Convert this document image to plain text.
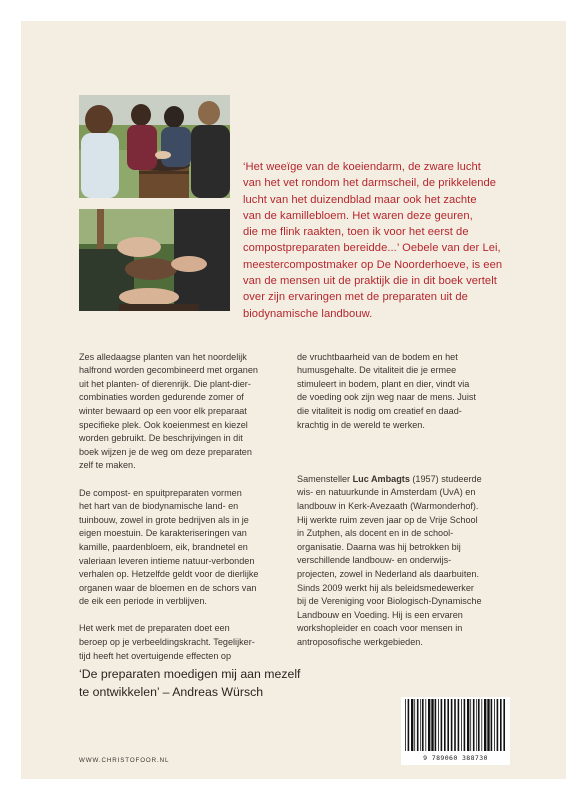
‘Het weeïge van de koeiendarm, de zware lucht
van het vet rondom het darmscheil, de prikkelende
lucht van het duizendblad maar ook het zachte
van de kamillebloem. Het waren deze geuren,
die me flink raakten, toen ik voor het eerst de
compostpreparaten bereidde...’ Oebele van der Lei,
meestercompostmaker op De Noorderhoeve, is een
van de mensen uit de praktijk die in dit boek vertelt
over zijn ervaringen met de preparaten uit de
biodynamische landbouw.

Zes alledaagse planten van het noordelijk
halfrond worden gecombineerd met organen
uit het planten- of dierenrijk. Die plant-dier-
combinaties worden gedurende zomer of
winter bewaard op een voor elk preparaat
specifieke plek. Ook koeienmest en kiezel
worden gebruikt. De beschrijvingen in dit
boek wijzen je de weg om deze preparaten
zelf te maken.

De compost- en spuitpreparaten vormen
het hart van de biodynamische land- en
tuinbouw, zowel in grote bedrijven als in je
eigen moestuin. De karakteriseringen van
kamille, paardenbloem, eik, brandnetel en
valeriaan leveren intieme natuur-verbonden
verhalen op. Hetzelfde geldt voor de dierlijke
organen waar de bloemen en de schors van
de eik een periode in verblijven.

Het werk met de preparaten doet een
beroep op je verbeeldingskracht. Tegelijker-
tijd heeft het overtuigende effecten op

de vruchtbaarheid van de bodem en het
humusgehalte. De vitaliteit die je ermee
stimuleert in bodem, plant en dier, vindt via
de voeding ook zijn weg naar de mens. Juist
die vitaliteit is nodig om creatief en daad-
krachtig in de wereld te werken.

Samensteller Luc Ambagts (1957) studeerde
wis- en natuurkunde in Amsterdam (UvA) en
landbouw in Kerk-Avezaath (Warmonderhof).
Hij werkte ruim zeven jaar op de Vrije School
in Zutphen, als docent en in de school-
organisatie. Daarna was hij betrokken bij
verschillende landbouw- en onderwijs-
projecten, zowel in Nederland als daarbuiten.
Sinds 2009 werkt hij als beleidsmedewerker
bij de Vereniging voor Biologisch-Dynamische
Landbouw en Voeding. Hij is een ervaren
workshopleider en coach voor mensen in
antroposofische werkgebieden.

‘De preparaten moedigen mij aan mezelf
te ontwikkelen’ – Andreas Würsch
WWW.CHRISTOFOOR.NL	9 789060 388730
